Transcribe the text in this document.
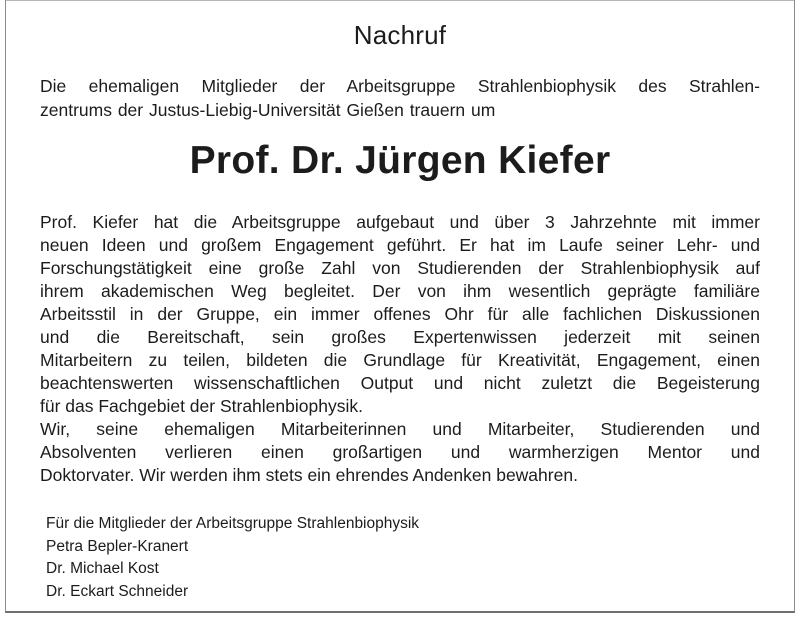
Nachruf
Die ehemaligen Mitglieder der Arbeitsgruppe Strahlenbiophysik des Strahlen-
zentrums der Justus-Liebig-Universität Gießen trauern um
Prof. Dr. Jürgen Kiefer
Prof. Kiefer hat die Arbeitsgruppe aufgebaut und über 3 Jahrzehnte mit immer
neuen Ideen und großem Engagement geführt. Er hat im Laufe seiner Lehr- und
Forschungstätigkeit eine große Zahl von Studierenden der Strahlenbiophysik auf
ihrem akademischen Weg begleitet. Der von ihm wesentlich geprägte familiäre
Arbeitsstil in der Gruppe, ein immer offenes Ohr für alle fachlichen Diskussionen
und die Bereitschaft, sein großes Expertenwissen jederzeit mit seinen
Mitarbeitern zu teilen, bildeten die Grundlage für Kreativität, Engagement, einen
beachtenswerten wissenschaftlichen Output und nicht zuletzt die Begeisterung
für das Fachgebiet der Strahlenbiophysik.
Wir, seine ehemaligen Mitarbeiterinnen und Mitarbeiter, Studierenden und
Absolventen verlieren einen großartigen und warmherzigen Mentor und
Doktorvater. Wir werden ihm stets ein ehrendes Andenken bewahren.
Für die Mitglieder der Arbeitsgruppe Strahlenbiophysik
Petra Bepler-Kranert
Dr. Michael Kost
Dr. Eckart Schneider
